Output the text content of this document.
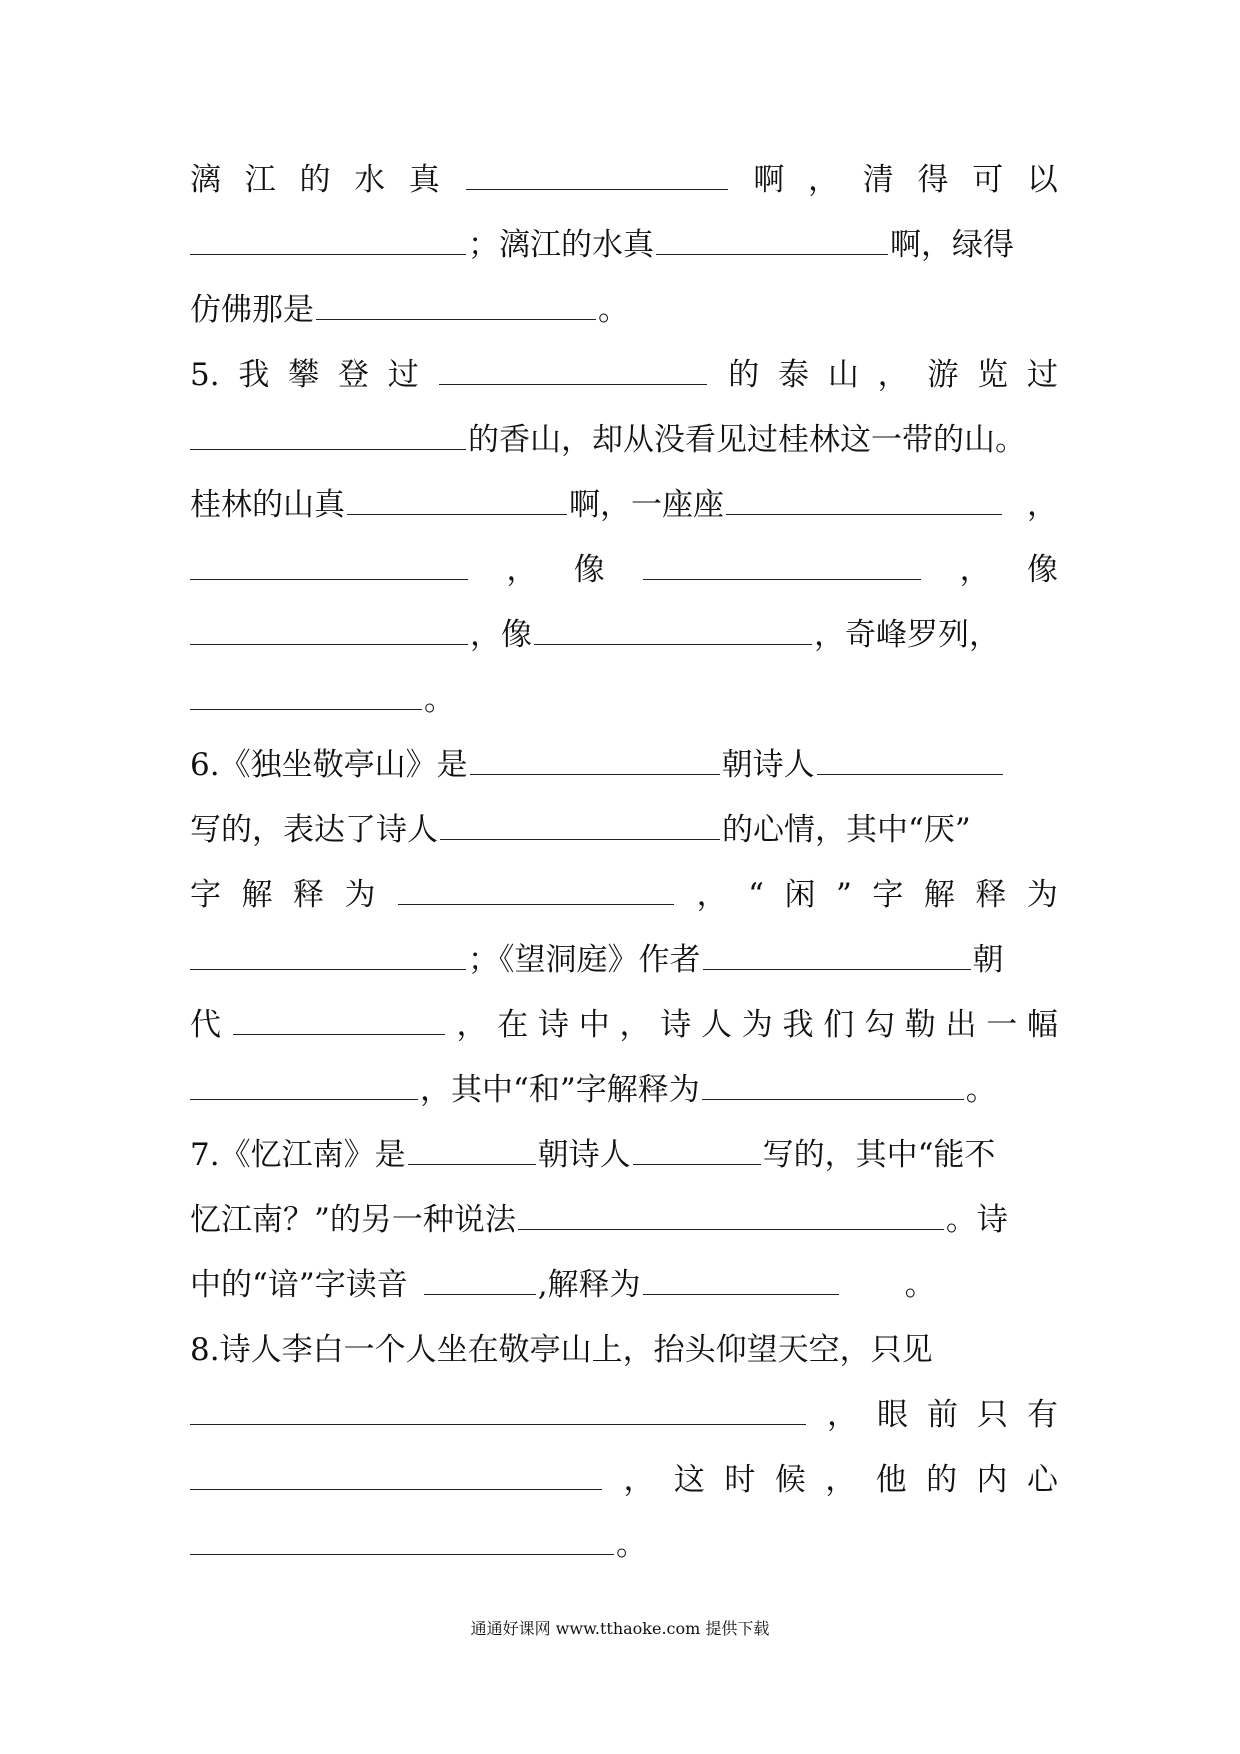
漓 江 的 水 真	啊 ， 清 得 可 以
；漓江的水真	啊，绿得
仿佛那是	。
5. 我 攀 登 过	的 泰 山 ， 游 览 过
的香山，却从没看见过桂林这一带的山。
桂林的山真	啊，一座座	，
， 像	， 像
，像	，奇峰罗列，
。
6.《独坐敬亭山》是	朝诗人
写的，表达了诗人	的心情，其中“厌”
字 解 释 为	， “ 闲 ” 字 解 释 为
；《望洞庭》作者	朝
代	， 在 诗 中 ， 诗 人 为 我 们 勾 勒 出 一 幅
，其中“和”字解释为	。
7.《忆江南》是	朝诗人	写的，其中“能不
忆江南？”的另一种说法	。诗
中的“谙”字读音	,解释为	。
8.诗人李白一个人坐在敬亭山上，抬头仰望天空，只见
， 眼 前 只 有
， 这 时 候 ， 他 的 内 心
。
通通好课网 www.tthaoke.com 提供下载
